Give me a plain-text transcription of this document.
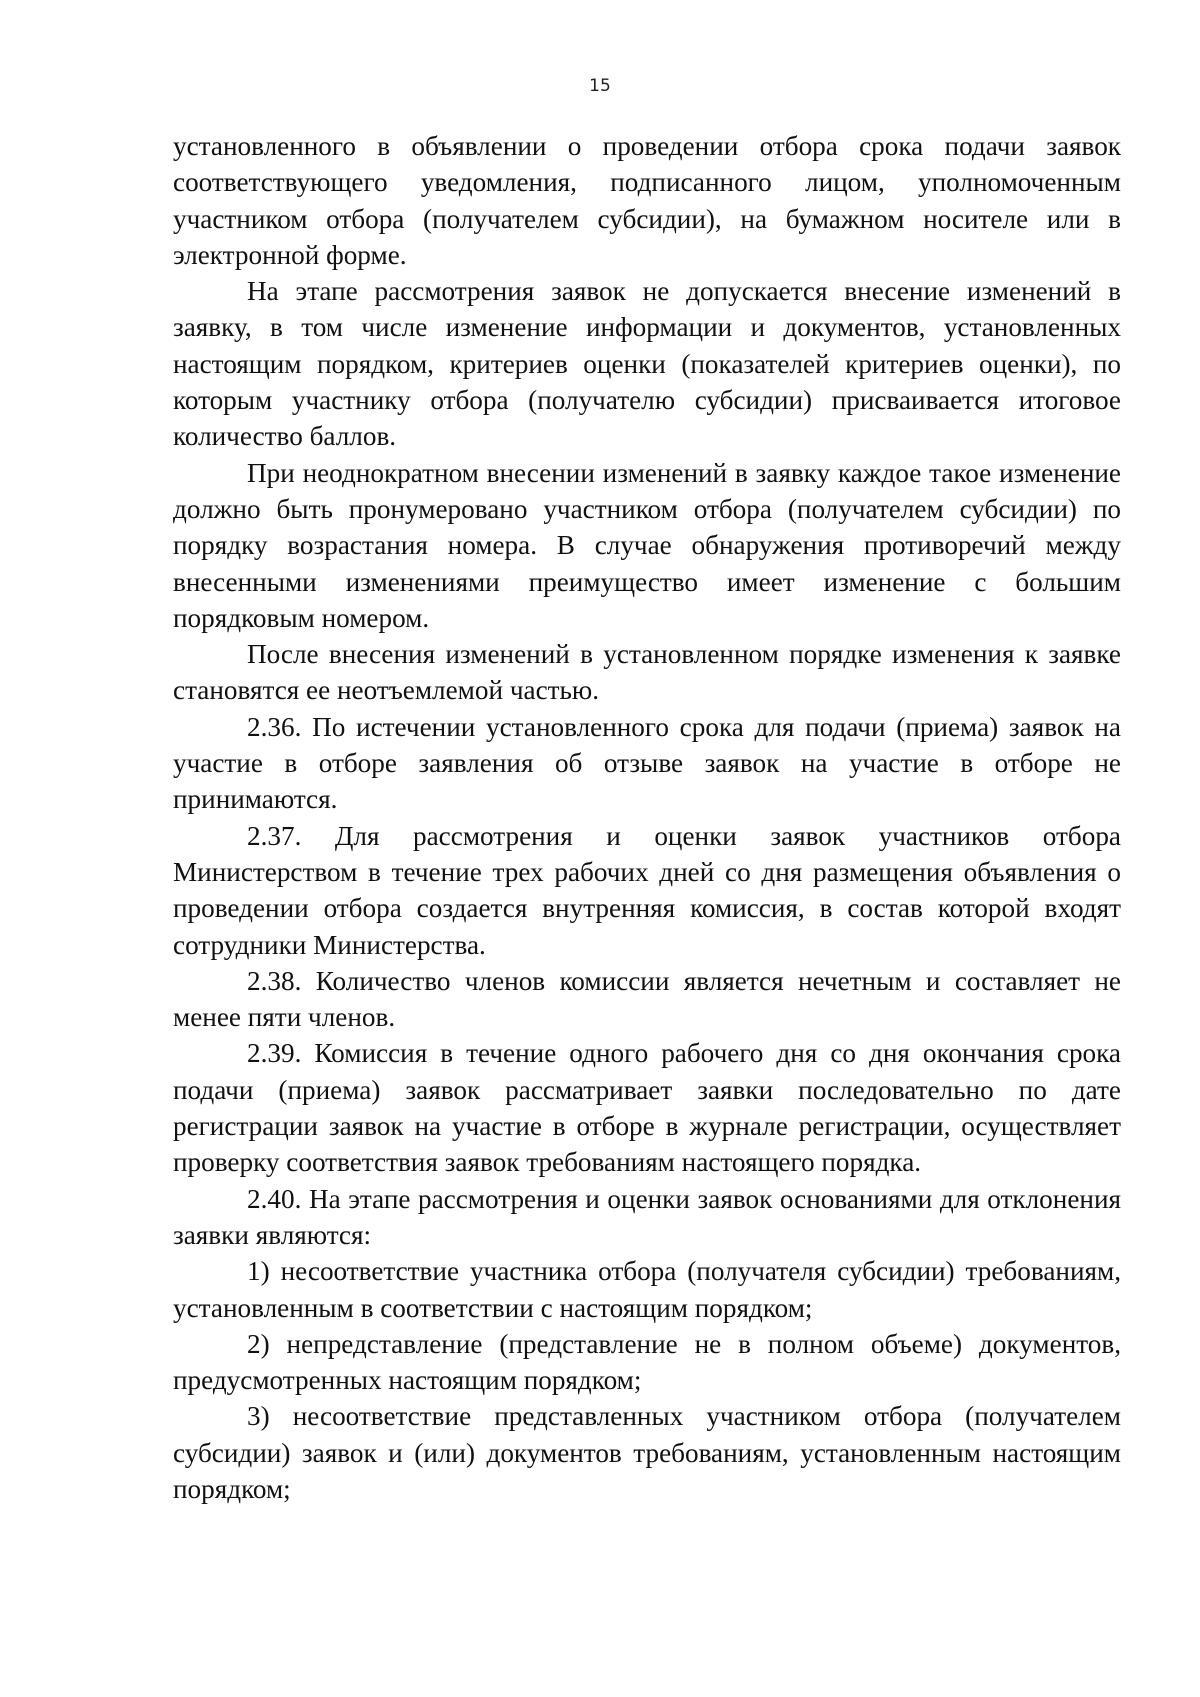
15

установленного в объявлении о проведении отбора срока подачи заявок соответствующего уведомления, подписанного лицом, уполномоченным участником отбора (получателем субсидии), на бумажном носителе или в электронной форме.

На этапе рассмотрения заявок не допускается внесение изменений в заявку, в том числе изменение информации и документов, установленных настоящим порядком, критериев оценки (показателей критериев оценки), по которым участнику отбора (получателю субсидии) присваивается итоговое количество баллов.

При неоднократном внесении изменений в заявку каждое такое изменение должно быть пронумеровано участником отбора (получателем субсидии) по порядку возрастания номера. В случае обнаружения противоречий между внесенными изменениями преимущество имеет изменение с большим порядковым номером.

После внесения изменений в установленном порядке изменения к заявке становятся ее неотъемлемой частью.

2.36. По истечении установленного срока для подачи (приема) заявок на участие в отборе заявления об отзыве заявок на участие в отборе не принимаются.

2.37. Для рассмотрения и оценки заявок участников отбора Министерством в течение трех рабочих дней со дня размещения объявления о проведении отбора создается внутренняя комиссия, в состав которой входят сотрудники Министерства.

2.38. Количество членов комиссии является нечетным и составляет не менее пяти членов.

2.39. Комиссия в течение одного рабочего дня со дня окончания срока подачи (приема) заявок рассматривает заявки последовательно по дате регистрации заявок на участие в отборе в журнале регистрации, осуществляет проверку соответствия заявок требованиям настоящего порядка.

2.40. На этапе рассмотрения и оценки заявок основаниями для отклонения заявки являются:

1) несоответствие участника отбора (получателя субсидии) требованиям, установленным в соответствии с настоящим порядком;

2) непредставление (представление не в полном объеме) документов, предусмотренных настоящим порядком;

3) несоответствие представленных участником отбора (получателем субсидии) заявок и (или) документов требованиям, установленным настоящим порядком;
